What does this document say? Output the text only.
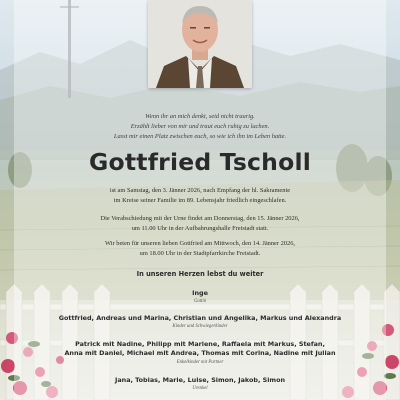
Wenn ihr an mich denkt, seid nicht traurig.
Erzählt lieber von mir und traut euch ruhig zu lachen.
Lasst mir einen Platz zwischen euch, so wie ich ihn im Leben hatte.
Gottfried Tscholl
ist am Samstag, den 3. Jänner 2026, nach Empfang der hl. Sakramente
im Kreise seiner Familie im 89. Lebensjahr friedlich eingeschlafen.
Die Verabschiedung mit der Urne findet am Donnerstag, den 15. Jänner 2026,
um 11.00 Uhr in der Aufbahrungshalle Freistadt statt.
Wir beten für unseren lieben Gottfried am Mittwoch, den 14. Jänner 2026,
um 18.00 Uhr in der Stadtpfarrkirche Freistadt.
In unseren Herzen lebst du weiter
Inge
Gattin
Gottfried, Andreas und Marina, Christian und Angelika, Markus und Alexandra
Kinder und Schwiegerkinder
Patrick mit Nadine, Philipp mit Marlene, Raffaela mit Markus, Stefan,
Anna mit Daniel, Michael mit Andrea, Thomas mit Corina, Nadine mit Julian
Enkelkinder mit Partner
Jana, Tobias, Marie, Luise, Simon, Jakob, Simon
Urenkel
